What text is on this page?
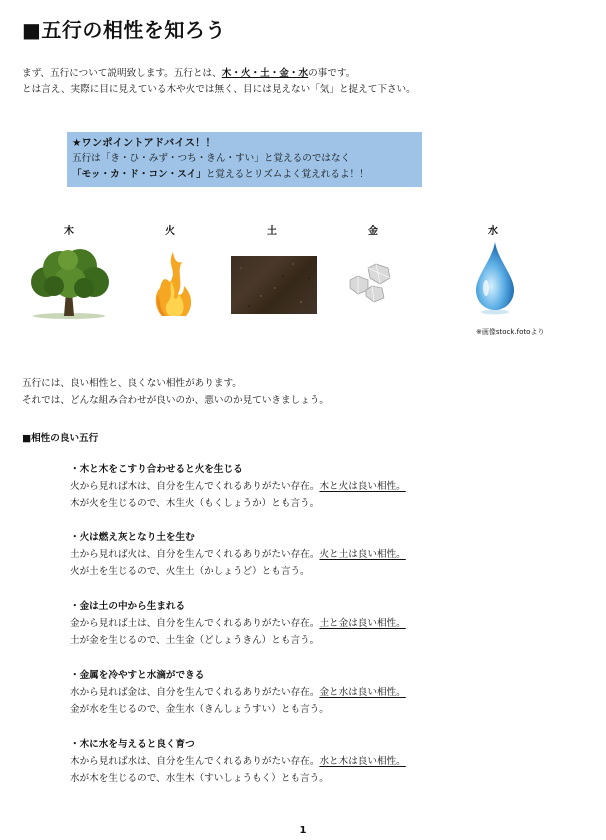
■五行の相性を知ろう
まず、五行について説明致します。五行とは、木・火・土・金・水の事です。
とは言え、実際に目に見えている木や火では無く、目には見えない「気」と捉えて下さい。
★ワンポイントアドバイス！！
五行は「き・ひ・みず・つち・きん・すい」と覚えるのではなく
「モッ・カ・ド・コン・スイ」と覚えるとリズムよく覚えれるよ！！
木	火	土	金	水
※画像stock.fotoより
五行には、良い相性と、良くない相性があります。
それでは、どんな組み合わせが良いのか、悪いのか見ていきましょう。
■相性の良い五行
・木と木をこすり合わせると火を生じる
火から見れば木は、自分を生んでくれるありがたい存在。木と火は良い相性。
木が火を生じるので、木生火（もくしょうか）とも言う。
・火は燃え灰となり土を生む
土から見れば火は、自分を生んでくれるありがたい存在。火と土は良い相性。
火が土を生じるので、火生土（かしょうど）とも言う。
・金は土の中から生まれる
金から見れば土は、自分を生んでくれるありがたい存在。土と金は良い相性。
土が金を生じるので、土生金（どしょうきん）とも言う。
・金属を冷やすと水滴ができる
水から見れば金は、自分を生んでくれるありがたい存在。金と水は良い相性。
金が水を生じるので、金生水（きんしょうすい）とも言う。
・木に水を与えると良く育つ
木から見れば水は、自分を生んでくれるありがたい存在。水と木は良い相性。
水が木を生じるので、水生木（すいしょうもく）とも言う。
1
